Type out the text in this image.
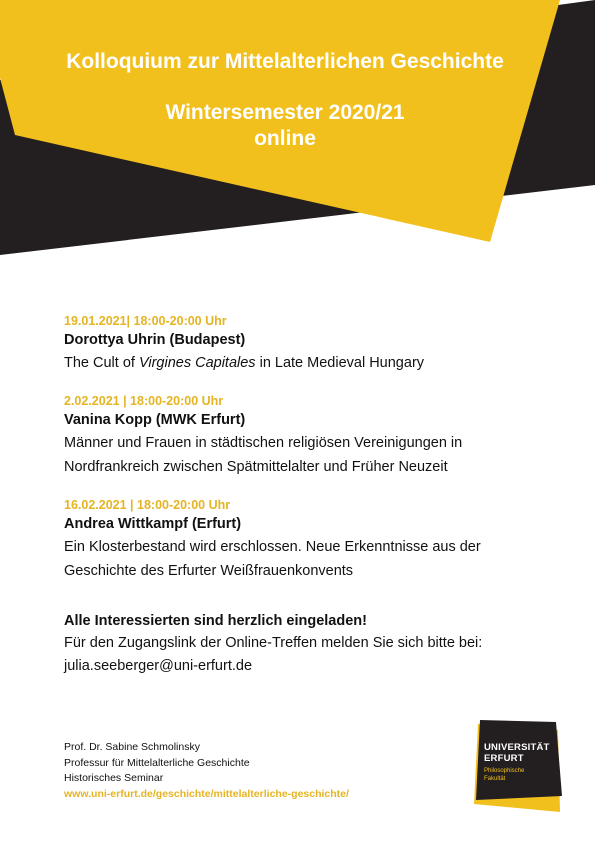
Kolloquium zur Mittelalterlichen Geschichte
Wintersemester 2020/21
online
19.01.2021| 18:00-20:00 Uhr
Dorottya Uhrin (Budapest)
The Cult of Virgines Capitales in Late Medieval Hungary
2.02.2021 | 18:00-20:00 Uhr
Vanina Kopp (MWK Erfurt)
Männer und Frauen in städtischen religiösen Vereinigungen in
Nordfrankreich zwischen Spätmittelalter und Früher Neuzeit
16.02.2021 | 18:00-20:00 Uhr
Andrea Wittkampf (Erfurt)
Ein Klosterbestand wird erschlossen. Neue Erkenntnisse aus der
Geschichte des Erfurter Weißfrauenkonvents
Alle Interessierten sind herzlich eingeladen!
Für den Zugangslink der Online-Treffen melden Sie sich bitte bei:
julia.seeberger@uni-erfurt.de
Prof. Dr. Sabine Schmolinsky
Professur für Mittelalterliche Geschichte
Historisches Seminar
www.uni-erfurt.de/geschichte/mittelalterliche-geschichte/
UNIVERSITÄT
ERFURT
Philosophische
Fakultät
